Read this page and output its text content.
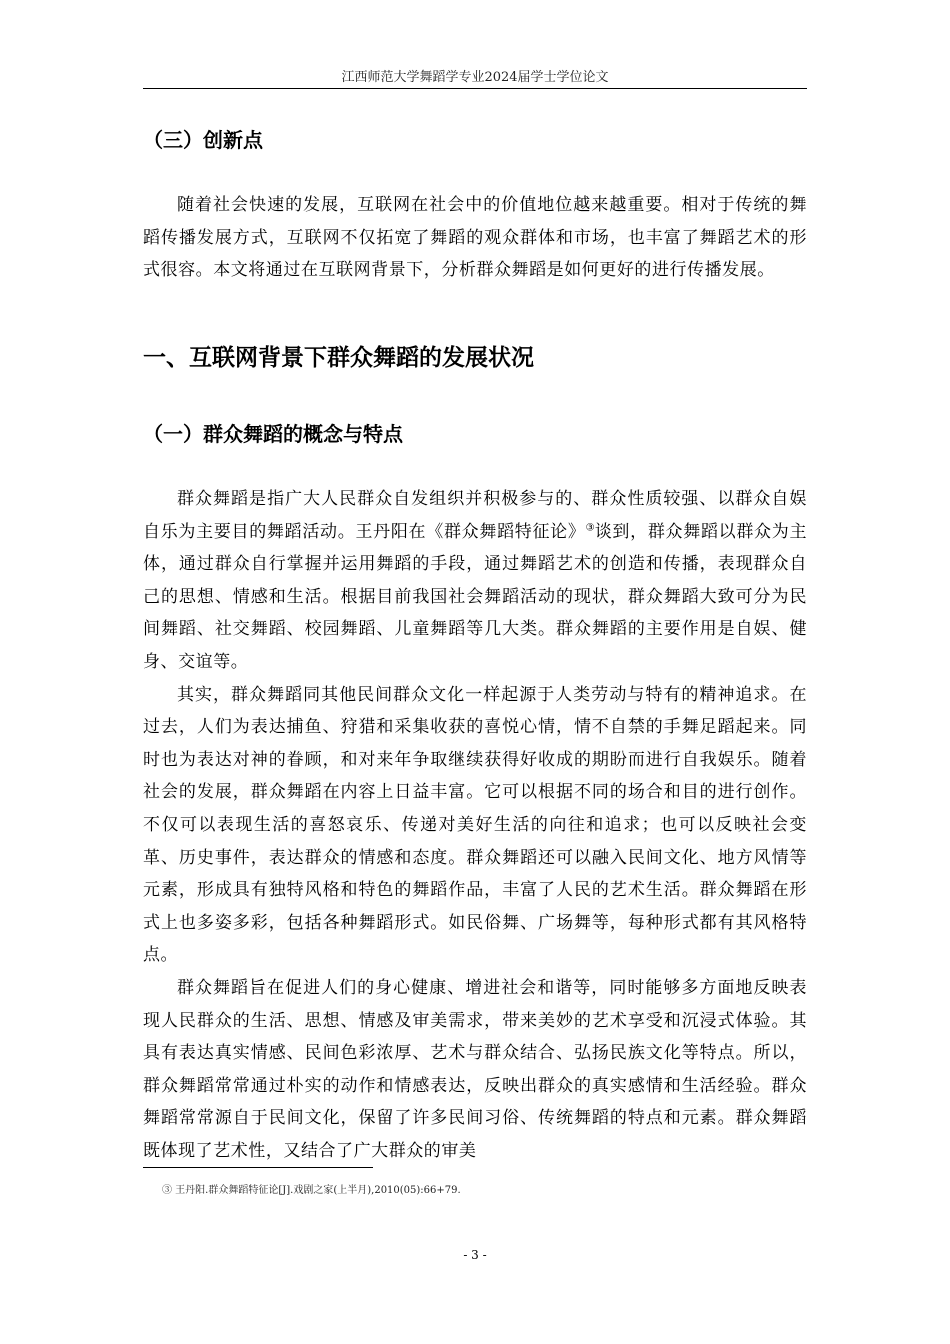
江西师范大学舞蹈学专业2024届学士学位论文
（三）创新点

随着社会快速的发展，互联网在社会中的价值地位越来越重要。相对于传统的舞蹈传播发展方式，互联网不仅拓宽了舞蹈的观众群体和市场，也丰富了舞蹈艺术的形式很容。本文将通过在互联网背景下，分析群众舞蹈是如何更好的进行传播发展。

一、互联网背景下群众舞蹈的发展状况
（一）群众舞蹈的概念与特点

群众舞蹈是指广大人民群众自发组织并积极参与的、群众性质较强、以群众自娱自乐为主要目的舞蹈活动。王丹阳在《群众舞蹈特征论》③谈到，群众舞蹈以群众为主体，通过群众自行掌握并运用舞蹈的手段，通过舞蹈艺术的创造和传播，表现群众自己的思想、情感和生活。根据目前我国社会舞蹈活动的现状，群众舞蹈大致可分为民间舞蹈、社交舞蹈、校园舞蹈、儿童舞蹈等几大类。群众舞蹈的主要作用是自娱、健身、交谊等。

其实，群众舞蹈同其他民间群众文化一样起源于人类劳动与特有的精神追求。在过去，人们为表达捕鱼、狩猎和采集收获的喜悦心情，情不自禁的手舞足蹈起来。同时也为表达对神的眷顾，和对来年争取继续获得好收成的期盼而进行自我娱乐。随着社会的发展，群众舞蹈在内容上日益丰富。它可以根据不同的场合和目的进行创作。不仅可以表现生活的喜怒哀乐、传递对美好生活的向往和追求；也可以反映社会变革、历史事件，表达群众的情感和态度。群众舞蹈还可以融入民间文化、地方风情等元素，形成具有独特风格和特色的舞蹈作品，丰富了人民的艺术生活。群众舞蹈在形式上也多姿多彩，包括各种舞蹈形式。如民俗舞、广场舞等，每种形式都有其风格特点。

群众舞蹈旨在促进人们的身心健康、增进社会和谐等，同时能够多方面地反映表现人民群众的生活、思想、情感及审美需求，带来美妙的艺术享受和沉浸式体验。其具有表达真实情感、民间色彩浓厚、艺术与群众结合、弘扬民族文化等特点。所以，群众舞蹈常常通过朴实的动作和情感表达，反映出群众的真实感情和生活经验。群众舞蹈常常源自于民间文化，保留了许多民间习俗、传统舞蹈的特点和元素。群众舞蹈既体现了艺术性，又结合了广大群众的审美

③ 王丹阳.群众舞蹈特征论[J].戏剧之家(上半月),2010(05):66+79.
- 3 -
